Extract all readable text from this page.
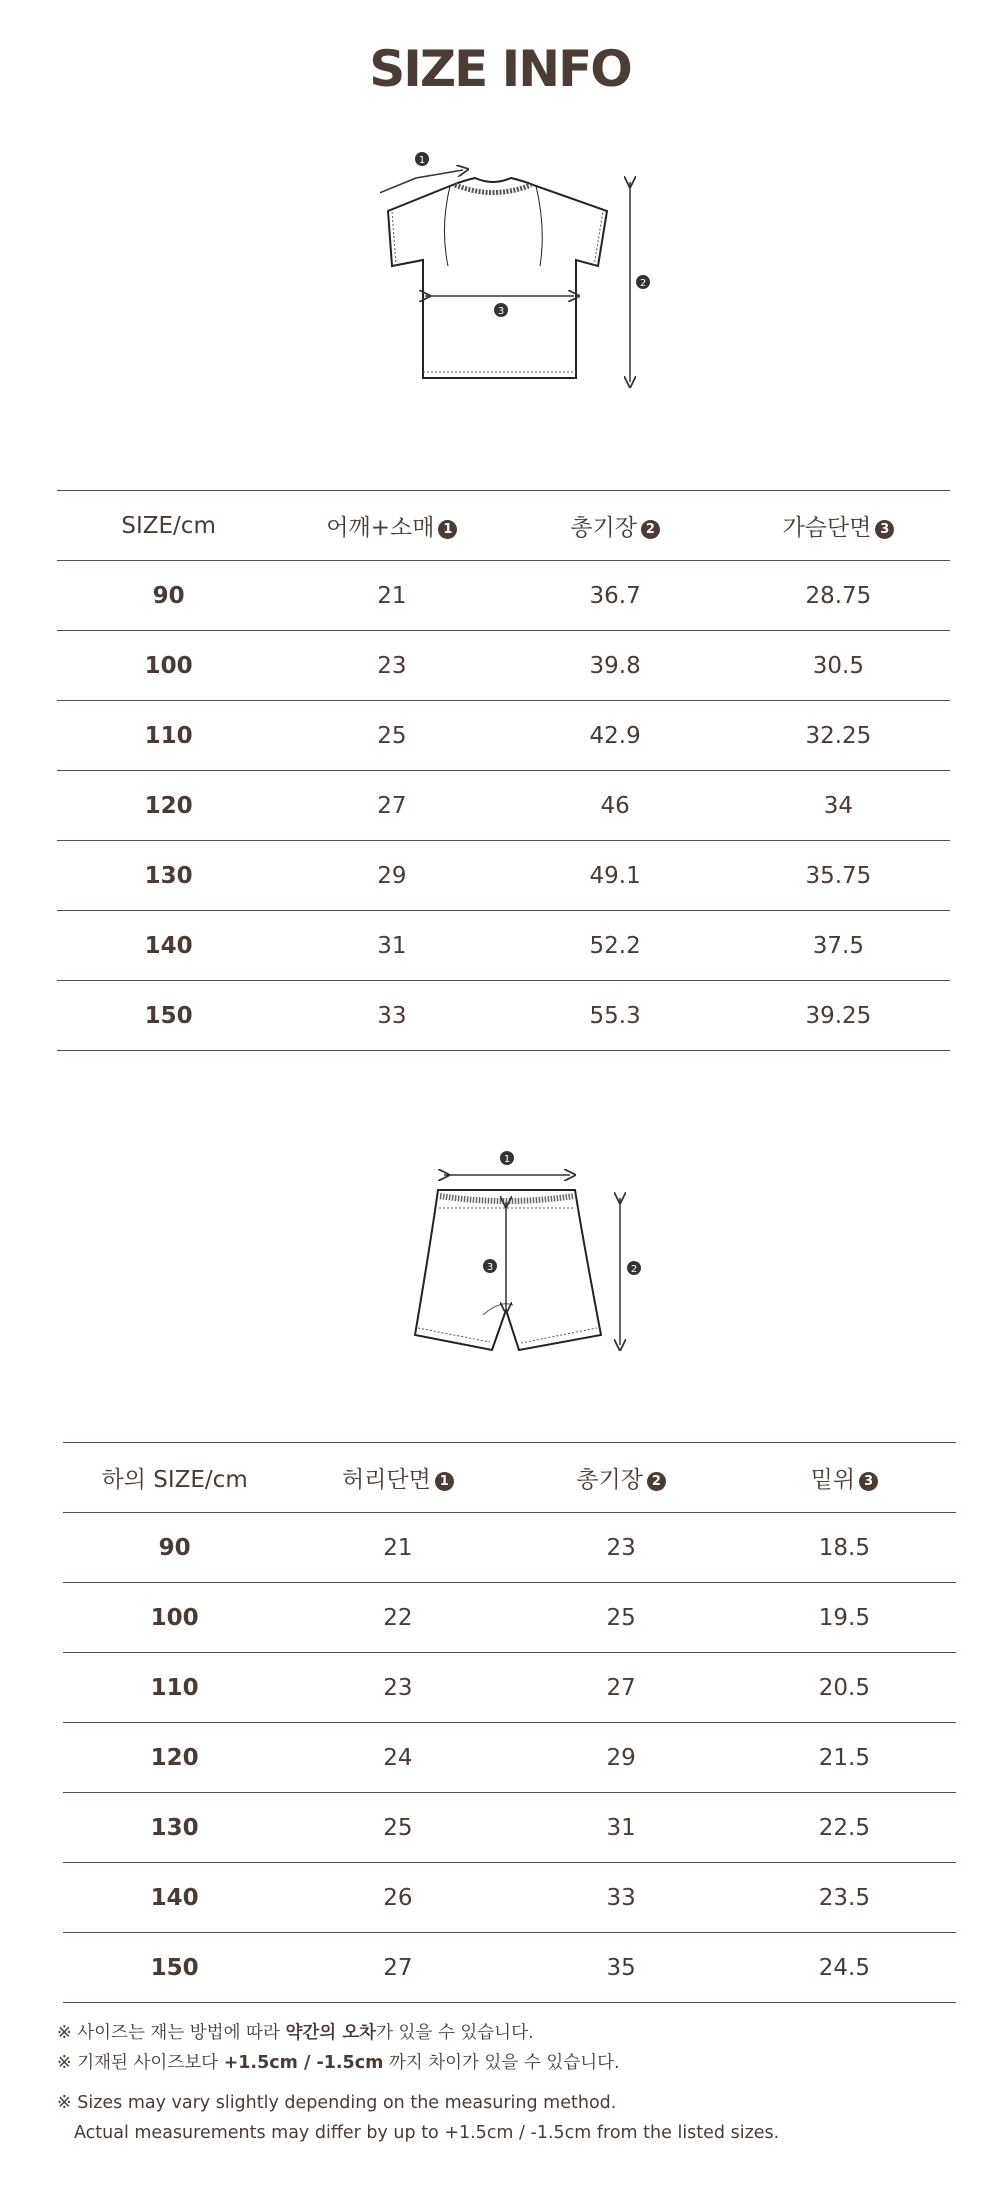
SIZE INFO
1
3
2
SIZE/cm	어깨+소매 1	총기장 2	가슴단면 3
90	21	36.7	28.75
100	23	39.8	30.5
110	25	42.9	32.25
120	27	46	34
130	29	49.1	35.75
140	31	52.2	37.5
150	33	55.3	39.25
1
3	2
하의 SIZE/cm	허리단면 1	총기장 2	밑위 3
90	21	23	18.5
100	22	25	19.5
110	23	27	20.5
120	24	29	21.5
130	25	31	22.5
140	26	33	23.5
150	27	35	24.5
※ 사이즈는 재는 방법에 따라 약간의 오차가 있을 수 있습니다.
※ 기재된 사이즈보다 +1.5cm / -1.5cm 까지 차이가 있을 수 있습니다.
※ Sizes may vary slightly depending on the measuring method.
Actual measurements may differ by up to +1.5cm / -1.5cm from the listed sizes.
